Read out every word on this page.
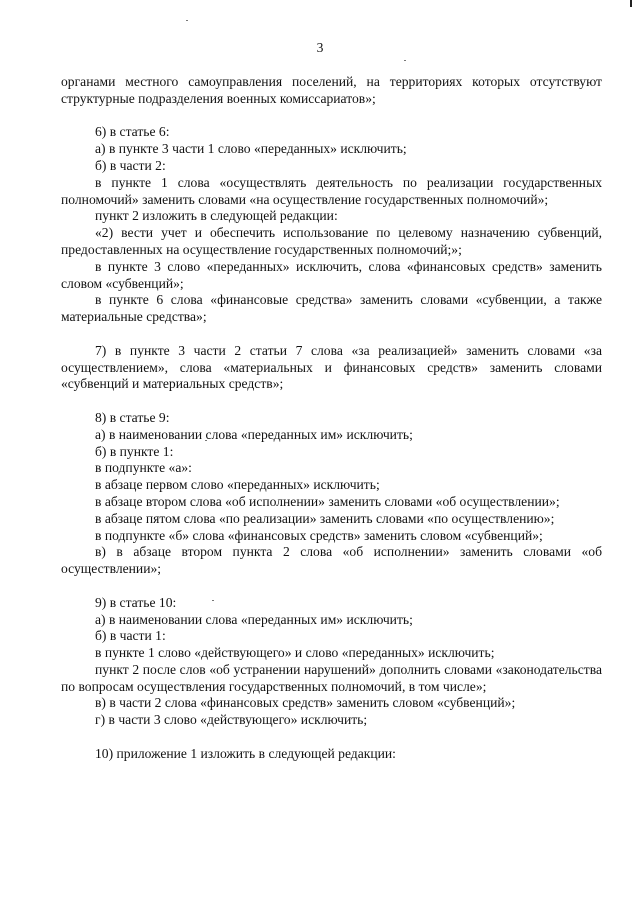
3

органами местного самоуправления поселений, на территориях которых отсутствуют структурные подразделения военных комиссариатов»;

6) в статье 6:

а) в пункте 3 части 1 слово «переданных» исключить;

б) в части 2:

в пункте 1 слова «осуществлять деятельность по реализации государственных полномочий» заменить словами «на осуществление государственных полномочий»;

пункт 2 изложить в следующей редакции:

«2) вести учет и обеспечить использование по целевому назначению субвенций, предоставленных на осуществление государственных полномочий;»;

в пункте 3 слово «переданных» исключить, слова «финансовых средств» заменить словом «субвенций»;

в пункте 6 слова «финансовые средства» заменить словами «субвенции, а также материальные средства»;

7) в пункте 3 части 2 статьи 7 слова «за реализацией» заменить словами «за осуществлением», слова «материальных и финансовых средств» заменить словами «субвенций и материальных средств»;

8) в статье 9:

а) в наименовании слова «переданных им» исключить;

б) в пункте 1:

в подпункте «а»:

в абзаце первом слово «переданных» исключить;

в абзаце втором слова «об исполнении» заменить словами «об осуществлении»;

в абзаце пятом слова «по реализации» заменить словами «по осуществлению»;

в подпункте «б» слова «финансовых средств» заменить словом «субвенций»;

в) в абзаце втором пункта 2 слова «об исполнении» заменить словами «об осуществлении»;

9) в статье 10:

а) в наименовании слова «переданных им» исключить;

б) в части 1:

в пункте 1 слово «действующего» и слово «переданных» исключить;

пункт 2 после слов «об устранении нарушений» дополнить словами «законодательства по вопросам осуществления государственных полномочий, в том числе»;

в) в части 2 слова «финансовых средств» заменить словом «субвенций»;

г) в части 3 слово «действующего» исключить;

10) приложение 1 изложить в следующей редакции:
